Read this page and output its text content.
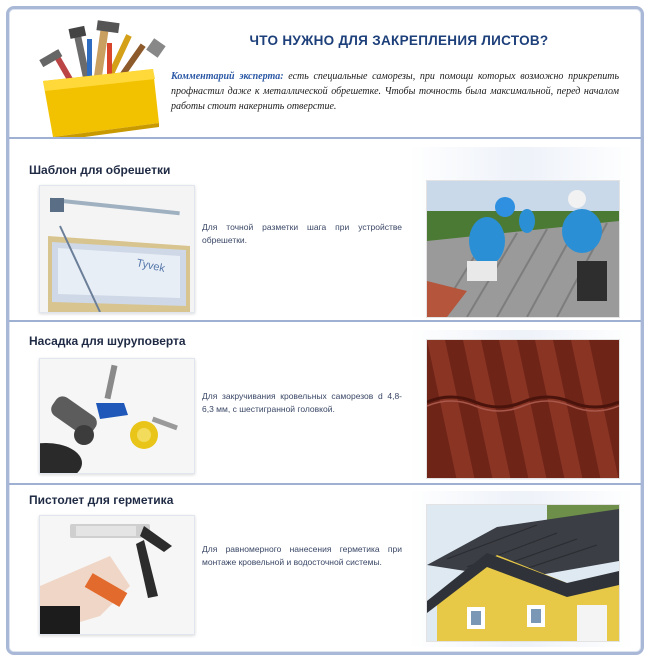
ЧТО НУЖНО ДЛЯ ЗАКРЕПЛЕНИЯ ЛИСТОВ?
Комментарий эксперта: есть специальные саморезы, при помощи которых возможно прикрепить профнастил даже к металлической обрешетке. Чтобы точность была максимальной, перед началом работы стоит накернить отверстие.
Шаблон для обрешетки
Tyvek
Для точной разметки шага при устройстве обрешетки.
Насадка для шуруповерта
Для закручивания кровельных саморезов d 4,8-6,3 мм, с шестигранной головкой.
Пистолет для герметика
Для равномерного нанесения герметика при монтаже кровельной и водосточной системы.
